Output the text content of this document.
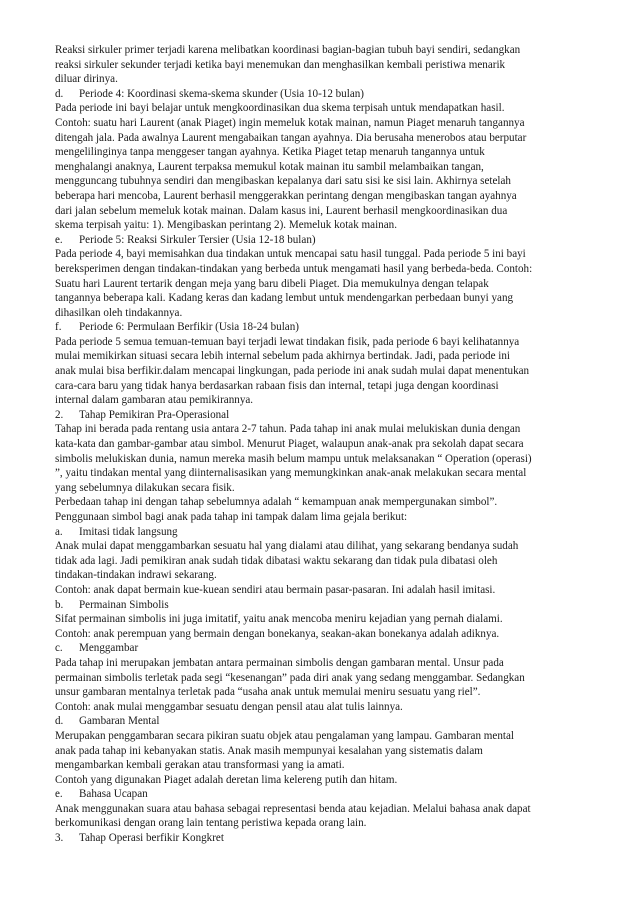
Reaksi sirkuler primer terjadi karena melibatkan koordinasi bagian-bagian tubuh bayi sendiri, sedangkan
reaksi sirkuler sekunder terjadi ketika bayi menemukan dan menghasilkan kembali peristiwa menarik
diluar dirinya.
d. Periode 4: Koordinasi skema-skema skunder (Usia 10-12 bulan)
Pada periode ini bayi belajar untuk mengkoordinasikan dua skema terpisah untuk mendapatkan hasil.
Contoh: suatu hari Laurent (anak Piaget) ingin memeluk kotak mainan, namun Piaget menaruh tangannya
ditengah jala. Pada awalnya Laurent mengabaikan tangan ayahnya. Dia berusaha menerobos atau berputar
mengelilinginya tanpa menggeser tangan ayahnya. Ketika Piaget tetap menaruh tangannya untuk
menghalangi anaknya, Laurent terpaksa memukul kotak mainan itu sambil melambaikan tangan,
mengguncang tubuhnya sendiri dan mengibaskan kepalanya dari satu sisi ke sisi lain. Akhirnya setelah
beberapa hari mencoba, Laurent berhasil menggerakkan perintang dengan mengibaskan tangan ayahnya
dari jalan sebelum memeluk kotak mainan. Dalam kasus ini, Laurent berhasil mengkoordinasikan dua
skema terpisah yaitu: 1). Mengibaskan perintang 2). Memeluk kotak mainan.
e. Periode 5: Reaksi Sirkuler Tersier (Usia 12-18 bulan)
Pada periode 4, bayi memisahkan dua tindakan untuk mencapai satu hasil tunggal. Pada periode 5 ini bayi
bereksperimen dengan tindakan-tindakan yang berbeda untuk mengamati hasil yang berbeda-beda. Contoh:
Suatu hari Laurent tertarik dengan meja yang baru dibeli Piaget. Dia memukulnya dengan telapak
tangannya beberapa kali. Kadang keras dan kadang lembut untuk mendengarkan perbedaan bunyi yang
dihasilkan oleh tindakannya.
f. Periode 6: Permulaan Berfikir (Usia 18-24 bulan)
Pada periode 5 semua temuan-temuan bayi terjadi lewat tindakan fisik, pada periode 6 bayi kelihatannya
mulai memikirkan situasi secara lebih internal sebelum pada akhirnya bertindak. Jadi, pada periode ini
anak mulai bisa berfikir.dalam mencapai lingkungan, pada periode ini anak sudah mulai dapat menentukan
cara-cara baru yang tidak hanya berdasarkan rabaan fisis dan internal, tetapi juga dengan koordinasi
internal dalam gambaran atau pemikirannya.
2. Tahap Pemikiran Pra-Operasional
Tahap ini berada pada rentang usia antara 2-7 tahun. Pada tahap ini anak mulai melukiskan dunia dengan
kata-kata dan gambar-gambar atau simbol. Menurut Piaget, walaupun anak-anak pra sekolah dapat secara
simbolis melukiskan dunia, namun mereka masih belum mampu untuk melaksanakan “ Operation (operasi)
”, yaitu tindakan mental yang diinternalisasikan yang memungkinkan anak-anak melakukan secara mental
yang sebelumnya dilakukan secara fisik.
Perbedaan tahap ini dengan tahap sebelumnya adalah “ kemampuan anak mempergunakan simbol”.
Penggunaan simbol bagi anak pada tahap ini tampak dalam lima gejala berikut:
a. Imitasi tidak langsung
Anak mulai dapat menggambarkan sesuatu hal yang dialami atau dilihat, yang sekarang bendanya sudah
tidak ada lagi. Jadi pemikiran anak sudah tidak dibatasi waktu sekarang dan tidak pula dibatasi oleh
tindakan-tindakan indrawi sekarang.
Contoh: anak dapat bermain kue-kuean sendiri atau bermain pasar-pasaran. Ini adalah hasil imitasi.
b. Permainan Simbolis
Sifat permainan simbolis ini juga imitatif, yaitu anak mencoba meniru kejadian yang pernah dialami.
Contoh: anak perempuan yang bermain dengan bonekanya, seakan-akan bonekanya adalah adiknya.
c. Menggambar
Pada tahap ini merupakan jembatan antara permainan simbolis dengan gambaran mental. Unsur pada
permainan simbolis terletak pada segi “kesenangan” pada diri anak yang sedang menggambar. Sedangkan
unsur gambaran mentalnya terletak pada “usaha anak untuk memulai meniru sesuatu yang riel”.
Contoh: anak mulai menggambar sesuatu dengan pensil atau alat tulis lainnya.
d. Gambaran Mental
Merupakan penggambaran secara pikiran suatu objek atau pengalaman yang lampau. Gambaran mental
anak pada tahap ini kebanyakan statis. Anak masih mempunyai kesalahan yang sistematis dalam
mengambarkan kembali gerakan atau transformasi yang ia amati.
Contoh yang digunakan Piaget adalah deretan lima kelereng putih dan hitam.
e. Bahasa Ucapan
Anak menggunakan suara atau bahasa sebagai representasi benda atau kejadian. Melalui bahasa anak dapat
berkomunikasi dengan orang lain tentang peristiwa kepada orang lain.
3. Tahap Operasi berfikir Kongkret
